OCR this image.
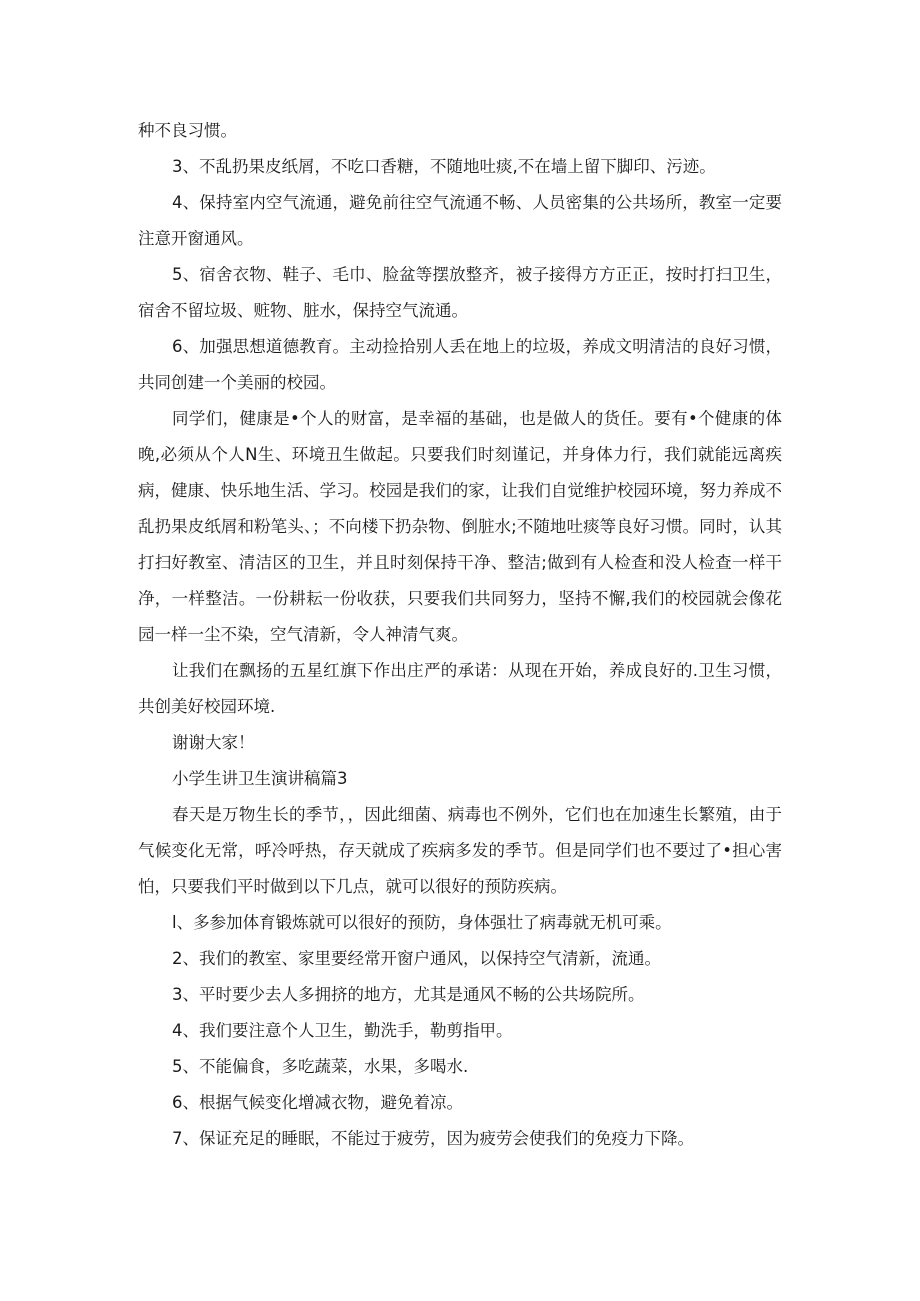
种不良习惯。

3、不乱扔果皮纸屑，不吃口香糖，不随地吐痰,不在墙上留下脚印、污迹。

4、保持室内空气流通，避免前往空气流通不畅、人员密集的公共场所，教室一定要注意开窗通风。

5、宿舍衣物、鞋子、毛巾、脸盆等摆放整齐，被子接得方方正正，按时打扫卫生，宿舍不留垃圾、赃物、脏水，保持空气流通。

6、加强思想道德教育。主动捡拾别人丢在地上的垃圾，养成文明清洁的良好习惯，共同创建一个美丽的校园。

同学们，健康是•个人的财富，是幸福的基础，也是做人的货任。要有•个健康的体晚,必须从个人N生、环境丑生做起。只要我们时刻谨记，并身体力行，我们就能远离疾病，健康、快乐地生活、学习。校园是我们的家，让我们自觉维护校园环境，努力养成不乱扔果皮纸屑和粉笔头、；不向楼下扔杂物、倒脏水;不随地吐痰等良好习惯。同时，认其打扫好教室、清洁区的卫生，并且时刻保持干净、整洁;做到有人检查和没人检查一样干净，一样整洁。一份耕耘一份收获，只要我们共同努力，坚持不懈,我们的校园就会像花园一样一尘不染，空气清新，令人神清气爽。

让我们在飘扬的五星红旗下作出庄严的承诺：从现在开始，养成良好的.卫生习惯，共创美好校园环境.

谢谢大家！

小学生讲卫生演讲稿篇3

春天是万物生长的季节，，因此细菌、病毒也不例外，它们也在加速生长繁殖，由于气候变化无常，呼冷呼热，存天就成了疾病多发的季节。但是同学们也不要过了•担心害怕，只要我们平时做到以下几点，就可以很好的预防疾病。

l、多参加体育锻炼就可以很好的预防，身体强壮了病毒就无机可乘。

2、我们的教室、家里要经常开窗户通风，以保持空气清新，流通。

3、平时要少去人多拥挤的地方，尤其是通风不畅的公共场院所。

4、我们要注意个人卫生，勤洗手，勒剪指甲。

5、不能偏食，多吃蔬菜，水果，多喝水.

6、根据气候变化增减衣物，避免着凉。

7、保证充足的睡眠，不能过于疲劳，因为疲劳会使我们的免疫力下降。
